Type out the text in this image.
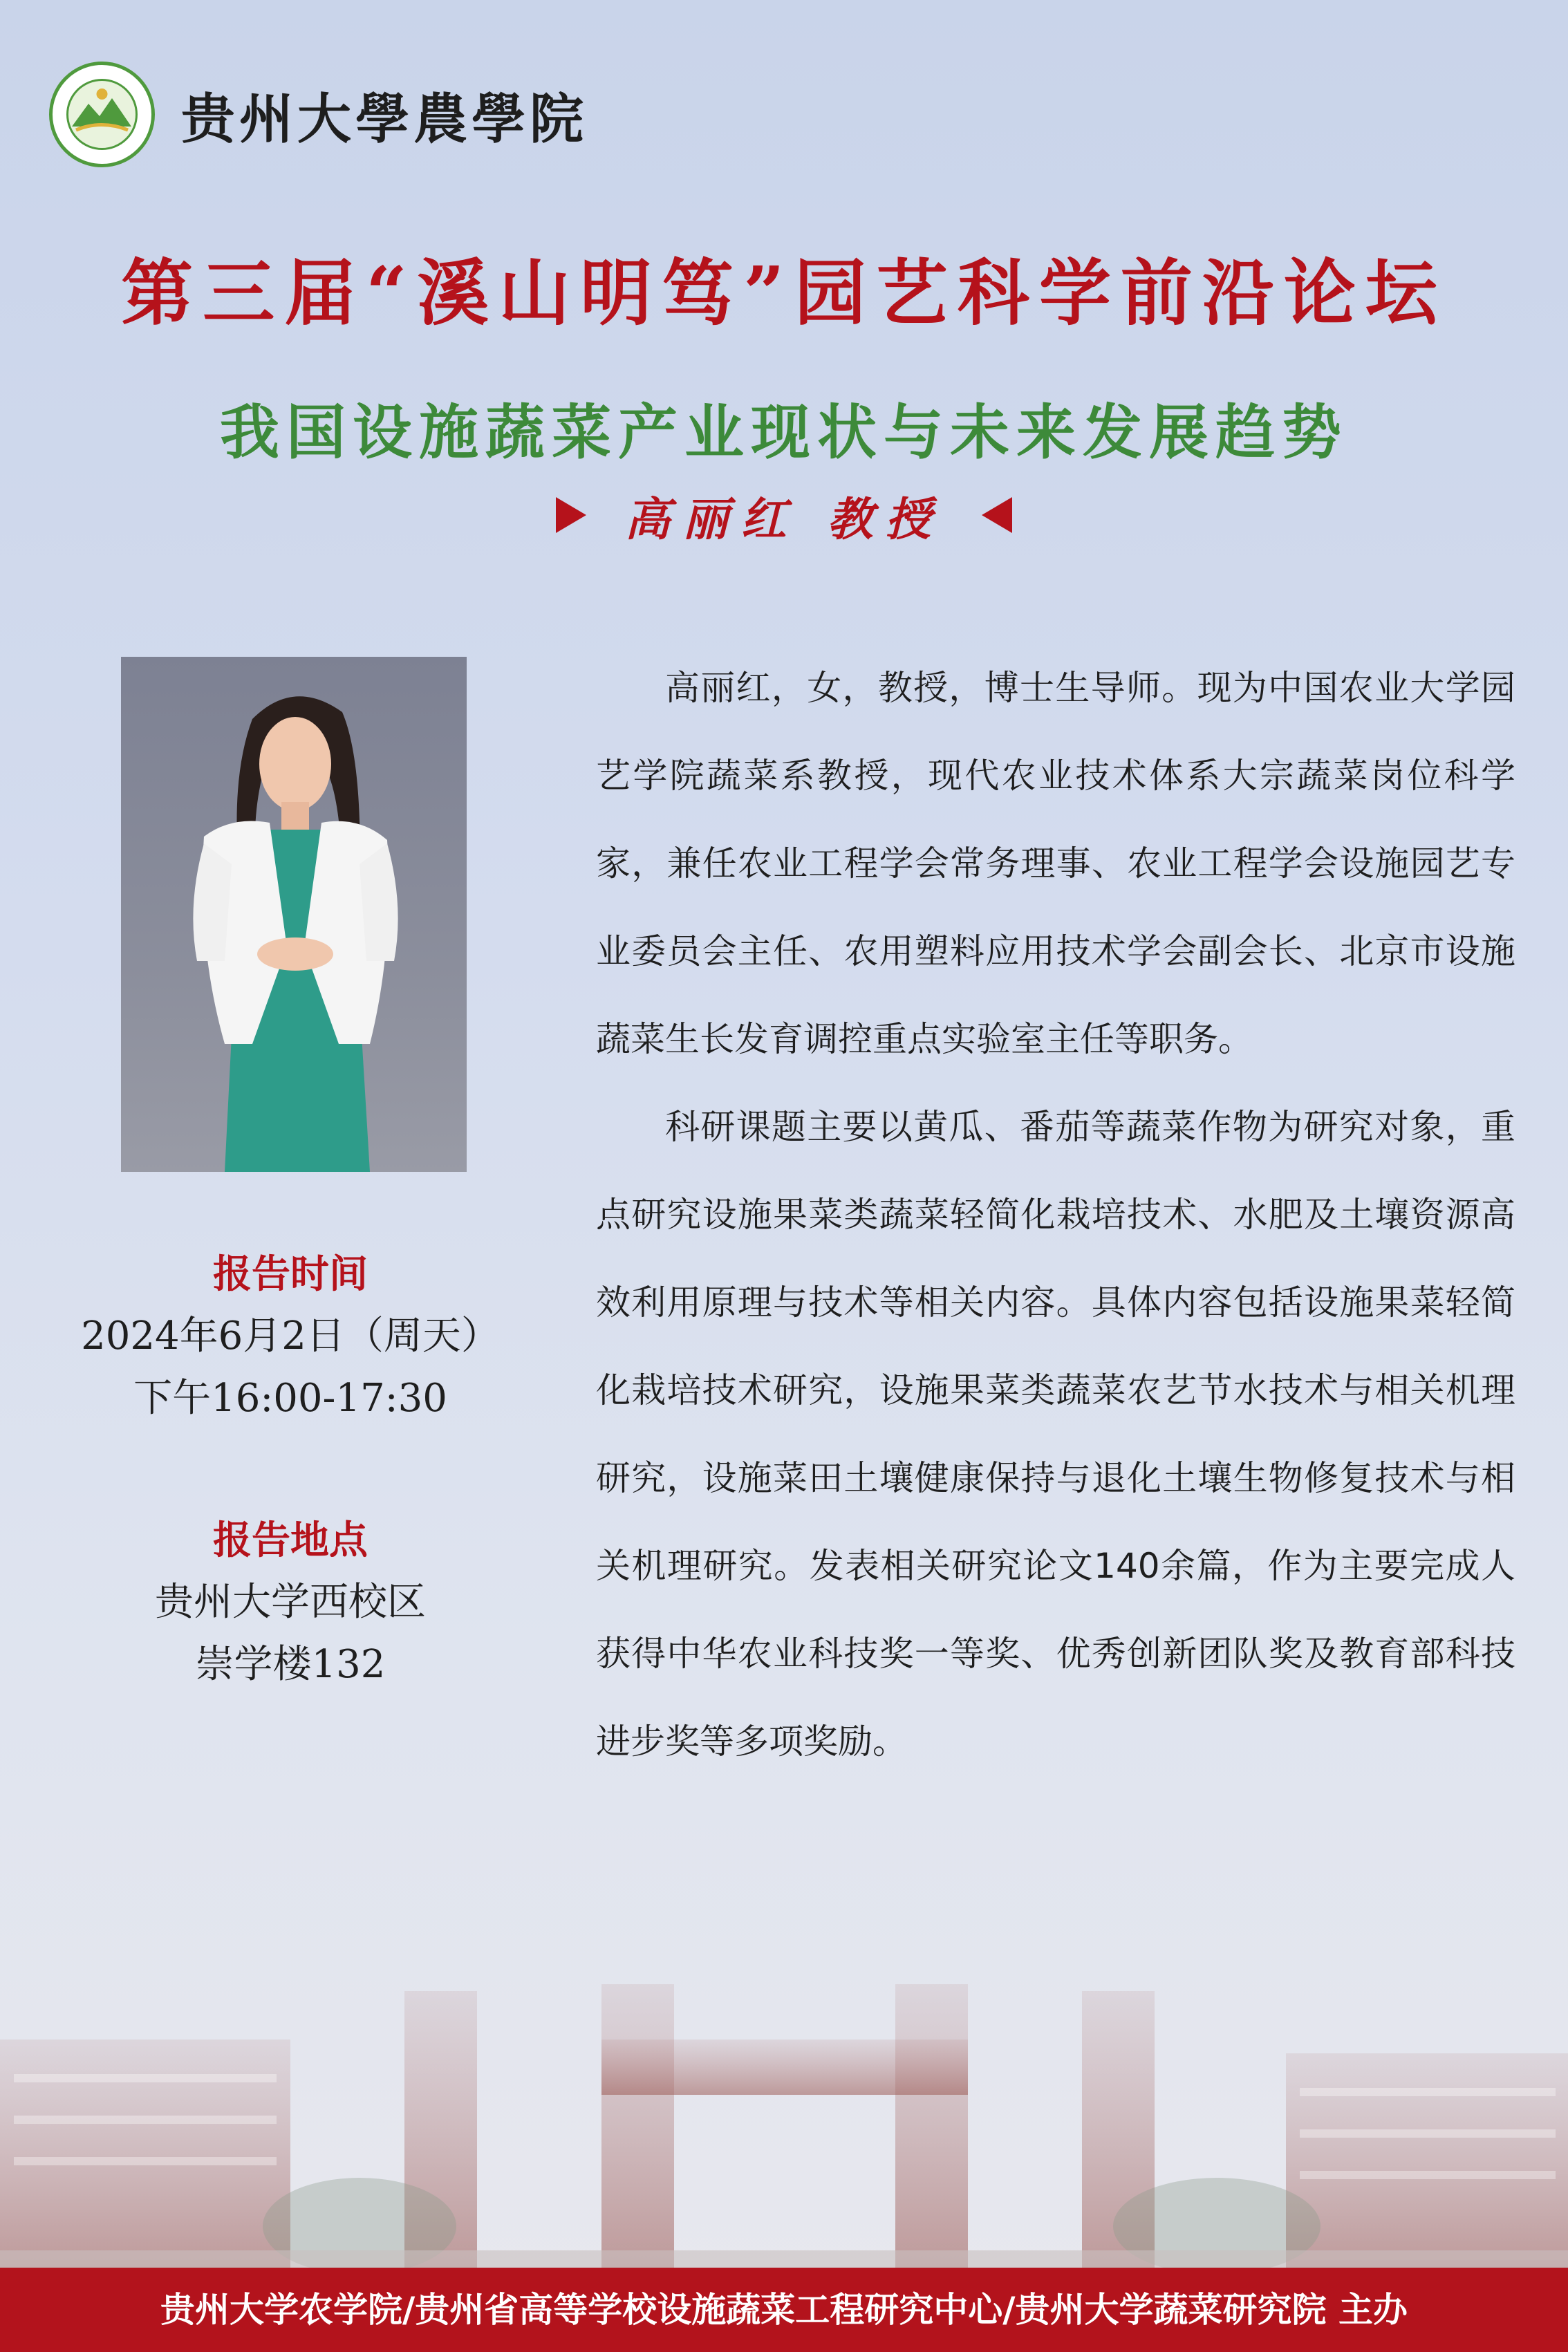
贵州大學農學院
第三届“溪山明笃”园艺科学前沿论坛
我国设施蔬菜产业现状与未来发展趋势
高丽红 教授
报告时间
2024年6月2日（周天）
下午16:00-17:30
报告地点
贵州大学西校区
崇学楼132

高丽红，女，教授，博士生导师。现为中国农业大学园艺学院蔬菜系教授，现代农业技术体系大宗蔬菜岗位科学家，兼任农业工程学会常务理事、农业工程学会设施园艺专业委员会主任、农用塑料应用技术学会副会长、北京市设施蔬菜生长发育调控重点实验室主任等职务。

科研课题主要以黄瓜、番茄等蔬菜作物为研究对象，重点研究设施果菜类蔬菜轻简化栽培技术、水肥及土壤资源高效利用原理与技术等相关内容。具体内容包括设施果菜轻简化栽培技术研究，设施果菜类蔬菜农艺节水技术与相关机理研究，设施菜田土壤健康保持与退化土壤生物修复技术与相关机理研究。发表相关研究论文140余篇，作为主要完成人获得中华农业科技奖一等奖、优秀创新团队奖及教育部科技进步奖等多项奖励。

贵州大学农学院/贵州省高等学校设施蔬菜工程研究中心/贵州大学蔬菜研究院 主办
